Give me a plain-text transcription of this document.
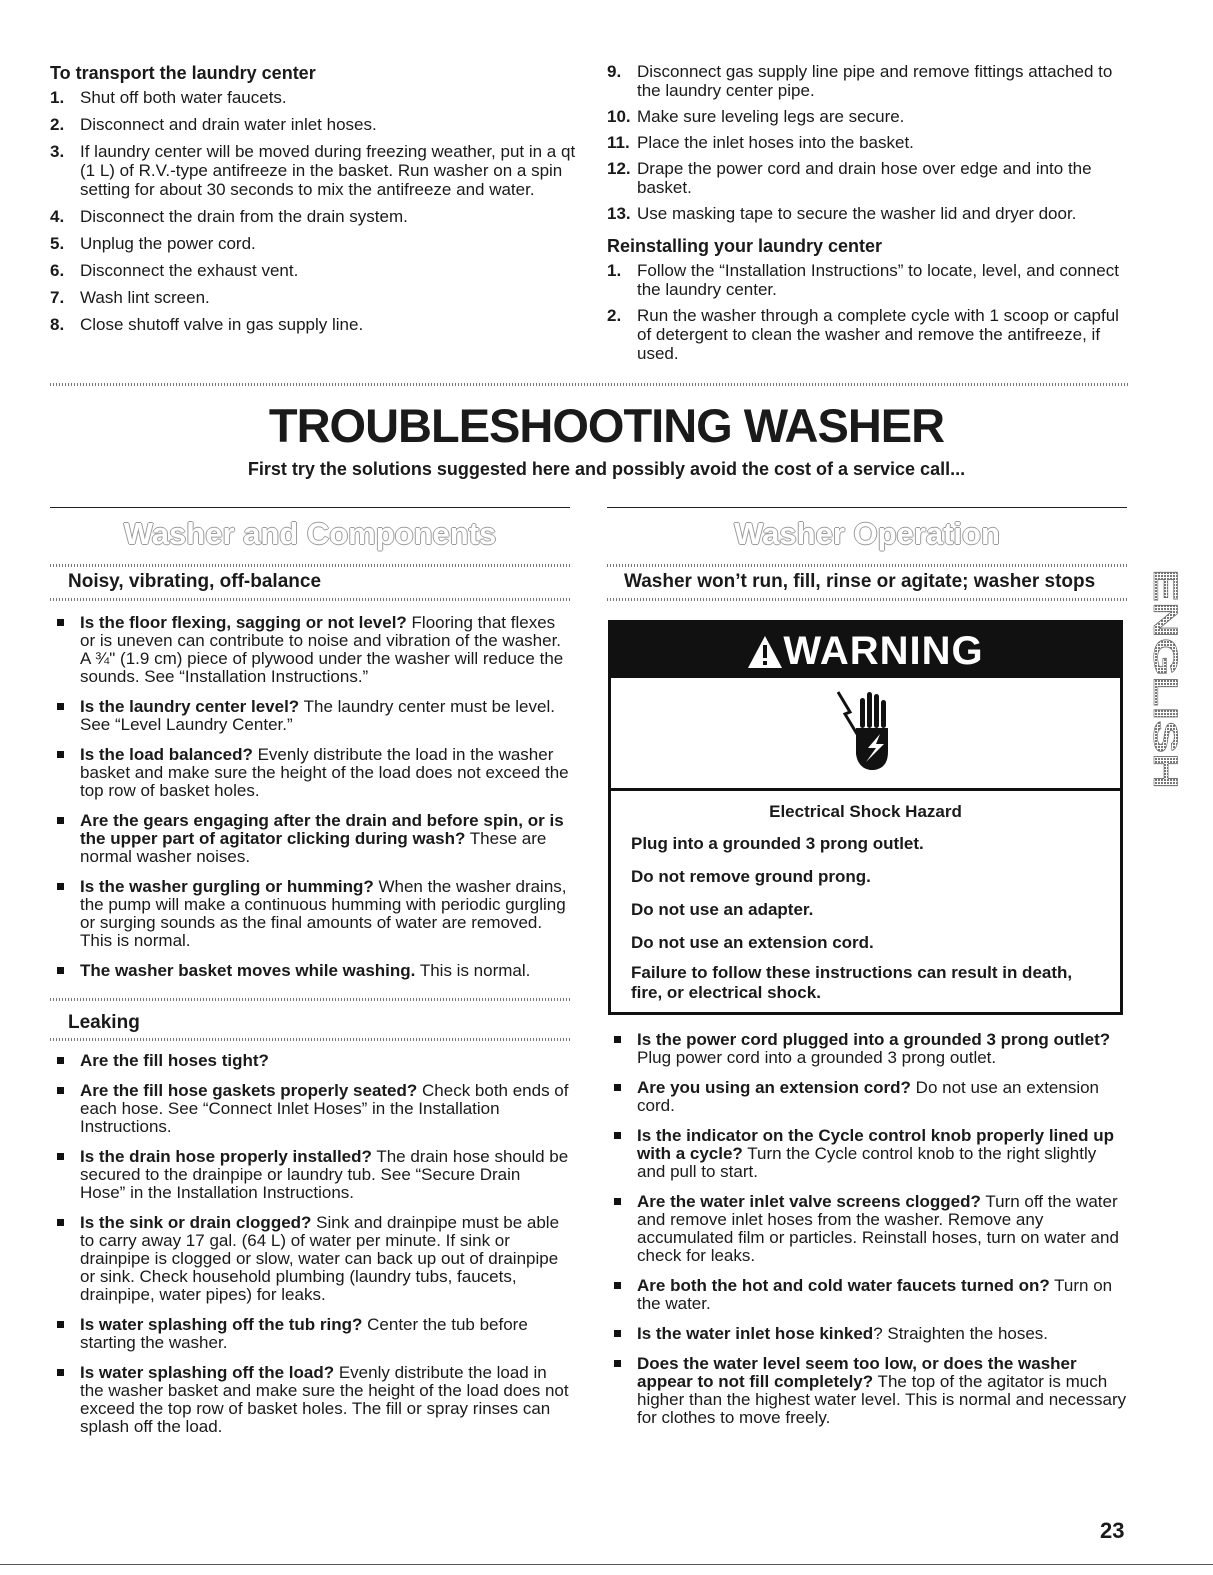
To transport the laundry center
1. Shut off both water faucets.
2. Disconnect and drain water inlet hoses.
3. If laundry center will be moved during freezing weather, put in a qt (1 L) of R.V.-type antifreeze in the basket. Run washer on a spin setting for about 30 seconds to mix the antifreeze and water.
4. Disconnect the drain from the drain system.
5. Unplug the power cord.
6. Disconnect the exhaust vent.
7. Wash lint screen.
8. Close shutoff valve in gas supply line.
9. Disconnect gas supply line pipe and remove fittings attached to the laundry center pipe.
10. Make sure leveling legs are secure.
11. Place the inlet hoses into the basket.
12. Drape the power cord and drain hose over edge and into the basket.
13. Use masking tape to secure the washer lid and dryer door.
Reinstalling your laundry center
1. Follow the “Installation Instructions” to locate, level, and connect the laundry center.
2. Run the washer through a complete cycle with 1 scoop or capful of detergent to clean the washer and remove the antifreeze, if used.
TROUBLESHOOTING WASHER

First try the solutions suggested here and possibly avoid the cost of a service call...

Washer and Components
Noisy, vibrating, off-balance
Is the floor flexing, sagging or not level? Flooring that flexes or is uneven can contribute to noise and vibration of the washer. A ¾" (1.9 cm) piece of plywood under the washer will reduce the sounds. See “Installation Instructions.”
Is the laundry center level? The laundry center must be level. See “Level Laundry Center.”
Is the load balanced? Evenly distribute the load in the washer basket and make sure the height of the load does not exceed the top row of basket holes.
Are the gears engaging after the drain and before spin, or is the upper part of agitator clicking during wash? These are normal washer noises.
Is the washer gurgling or humming? When the washer drains, the pump will make a continuous humming with periodic gurgling or surging sounds as the final amounts of water are removed. This is normal.
The washer basket moves while washing. This is normal.
Leaking
Are the fill hoses tight?
Are the fill hose gaskets properly seated? Check both ends of each hose. See “Connect Inlet Hoses” in the Installation Instructions.
Is the drain hose properly installed? The drain hose should be secured to the drainpipe or laundry tub. See “Secure Drain Hose” in the Installation Instructions.
Is the sink or drain clogged? Sink and drainpipe must be able to carry away 17 gal. (64 L) of water per minute. If sink or drainpipe is clogged or slow, water can back up out of drainpipe or sink. Check household plumbing (laundry tubs, faucets, drainpipe, water pipes) for leaks.
Is water splashing off the tub ring? Center the tub before starting the washer.
Is water splashing off the load? Evenly distribute the load in the washer basket and make sure the height of the load does not exceed the top row of basket holes. The fill or spray rinses can splash off the load.
Washer Operation
Washer won’t run, fill, rinse or agitate; washer stops
WARNING
Electrical Shock Hazard
Plug into a grounded 3 prong outlet.
Do not remove ground prong.
Do not use an adapter.
Do not use an extension cord.
Failure to follow these instructions can result in death, fire, or electrical shock.
Is the power cord plugged into a grounded 3 prong outlet? Plug power cord into a grounded 3 prong outlet.
Are you using an extension cord? Do not use an extension cord.
Is the indicator on the Cycle control knob properly lined up with a cycle? Turn the Cycle control knob to the right slightly and pull to start.
Are the water inlet valve screens clogged? Turn off the water and remove inlet hoses from the washer. Remove any accumulated film or particles. Reinstall hoses, turn on water and check for leaks.
Are both the hot and cold water faucets turned on? Turn on the water.
Is the water inlet hose kinked? Straighten the hoses.
Does the water level seem too low, or does the washer appear to not fill completely? The top of the agitator is much higher than the highest water level. This is normal and necessary for clothes to move freely.
ENGLISH
23
